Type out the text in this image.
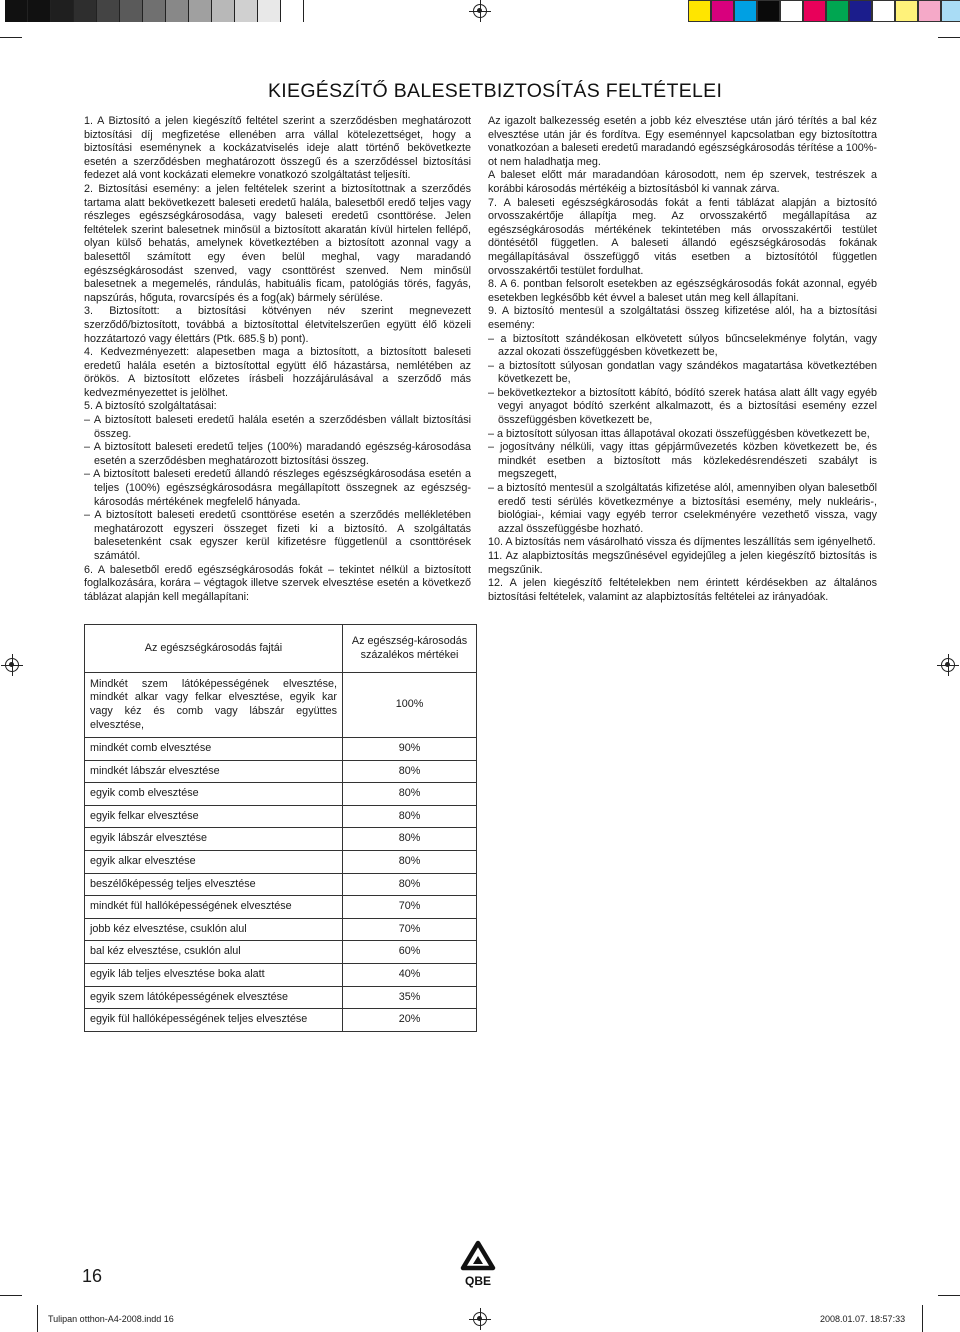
KIEGÉSZÍTŐ BALESETBIZTOSÍTÁS FELTÉTELEI

1. A Biztosító a jelen kiegészítő feltétel szerint a szerződésben meghatározott biztosítási díj megfizetése ellenében arra vállal kötelezettséget, hogy a biztosítási eseménynek a kockázatviselés ideje alatt történő bekövetkezte esetén a szerződésben meghatározott összegű és a szerződéssel biztosítási fedezet alá vont kockázati elemekre vonatkozó szolgáltatást teljesíti.

2. Biztosítási esemény: a jelen feltételek szerint a biztosítottnak a szerződés tartama alatt bekövetkezett baleseti eredetű halála, balesetből eredő teljes vagy részleges egészségkárosodása, vagy baleseti eredetű csonttörése. Jelen feltételek szerint balesetnek minősül a biztosított akaratán kívül hirtelen fellépő, olyan külső behatás, amelynek következtében a biztosított azonnal vagy a balesettől számított egy éven belül meghal, vagy maradandó egészségkárosodást szenved, vagy csonttörést szenved. Nem minősül balesetnek a megemelés, rándulás, habituális ficam, patológiás törés, fagyás, napszúrás, hőguta, rovarcsípés és a fog(ak) bármely sérülése.

3. Biztosított: a biztosítási kötvényen név szerint megnevezett szerződő/biztosított, továbbá a biztosítottal életvitelszerűen együtt élő közeli hozzátartozó vagy élettárs (Ptk. 685.§ b) pont).

4. Kedvezményezett: alapesetben maga a biztosított, a biztosított baleseti eredetű halála esetén a biztosítottal együtt élő házastársa, nemlétében az örökös. A biztosított előzetes írásbeli hozzájárulásával a szerződő más kedvezményezettet is jelölhet.

5. A biztosító szolgáltatásai:

– A biztosított baleseti eredetű halála esetén a szerződésben vállalt biztosítási összeg.

– A biztosított baleseti eredetű teljes (100%) maradandó egészség-károsodása esetén a szerződésben meghatározott biztosítási összeg.

– A biztosított baleseti eredetű állandó részleges egészségkárosodása esetén a teljes (100%) egészségkárosodásra megállapított összegnek az egészség-károsodás mértékének megfelelő hányada.

– A biztosított baleseti eredetű csonttörése esetén a szerződés mellékletében meghatározott egyszeri összeget fizeti ki a biztosító. A szolgáltatás balesetenként csak egyszer kerül kifizetésre függetlenül a csonttörések számától.

6. A balesetből eredő egészségkárosodás fokát – tekintet nélkül a biztosított foglalkozására, korára – végtagok illetve szervek elvesztése esetén a következő táblázat alapján kell megállapítani:

Az egészségkárosodás fajtái	Az egészség-károsodás százalékos mértékei
Mindkét szem látóképességének elvesztése, mindkét alkar vagy felkar elvesztése, egyik kar vagy kéz és comb vagy lábszár együttes elvesztése,	100%
mindkét comb elvesztése	90%
mindkét lábszár elvesztése	80%
egyik comb elvesztése	80%
egyik felkar elvesztése	80%
egyik lábszár elvesztése	80%
egyik alkar elvesztése	80%
beszélőképesség teljes elvesztése	80%
mindkét fül hallóképességének elvesztése	70%
jobb kéz elvesztése, csuklón alul	70%
bal kéz elvesztése, csuklón alul	60%
egyik láb teljes elvesztése boka alatt	40%
egyik szem látóképességének elvesztése	35%
egyik fül hallóképességének teljes elvesztése	20%

Az igazolt balkezesség esetén a jobb kéz elvesztése után járó térítés a bal kéz elvesztése után jár és fordítva. Egy eseménnyel kapcsolatban egy biztosítottra vonatkozóan a baleseti eredetű maradandó egészségkárosodás térítése a 100%-ot nem haladhatja meg.

A baleset előtt már maradandóan károsodott, nem ép szervek, testrészek a korábbi károsodás mértékéig a biztosításból ki vannak zárva.

7. A baleseti egészségkárosodás fokát a fenti táblázat alapján a biztosító orvosszakértője állapítja meg. Az orvosszakértő megállapítása az egészségkárosodás mértékének tekintetében más orvosszakértői testület döntésétől független. A baleseti állandó egészségkárosodás fokának megállapításával összefüggő vitás esetben a biztosítótól független orvosszakértői testület fordulhat.

8. A 6. pontban felsorolt esetekben az egészségkárosodás fokát azonnal, egyéb esetekben legkésőbb két évvel a baleset után meg kell állapítani.

9. A biztosító mentesül a szolgáltatási összeg kifizetése alól, ha a biztosítási esemény:

– a biztosított szándékosan elkövetett súlyos bűncselekménye folytán, vagy azzal okozati összefüggésben következett be,

– a biztosított súlyosan gondatlan vagy szándékos magatartása következtében következett be,

– bekövetkeztekor a biztosított kábító, bódító szerek hatása alatt állt vagy egyéb vegyi anyagot bódító szerként alkalmazott, és a biztosítási esemény ezzel összefüggésben következett be,

– a biztosított súlyosan ittas állapotával okozati összefüggésben következett be,

– jogosítvány nélküli, vagy ittas gépjárművezetés közben következett be, és mindkét esetben a biztosított más közlekedésrendészeti szabályt is megszegett,

– a biztosító mentesül a szolgáltatás kifizetése alól, amennyiben olyan balesetből eredő testi sérülés következménye a biztosítási esemény, mely nukleáris-, biológiai-, kémiai vagy egyéb terror cselekményére vezethető vissza, vagy azzal összefüggésbe hozható.

10. A biztosítás nem vásárolható vissza és díjmentes leszállítás sem igényelhető.

11. Az alapbiztosítás megszűnésével egyidejűleg a jelen kiegészítő biztosítás is megszűnik.

12. A jelen kiegészítő feltételekben nem érintett kérdésekben az általános biztosítási feltételek, valamint az alapbiztosítás feltételei az irányadóak.

16	QBE
Tulipan otthon-A4-2008.indd 16	2008.01.07. 18:57:33
